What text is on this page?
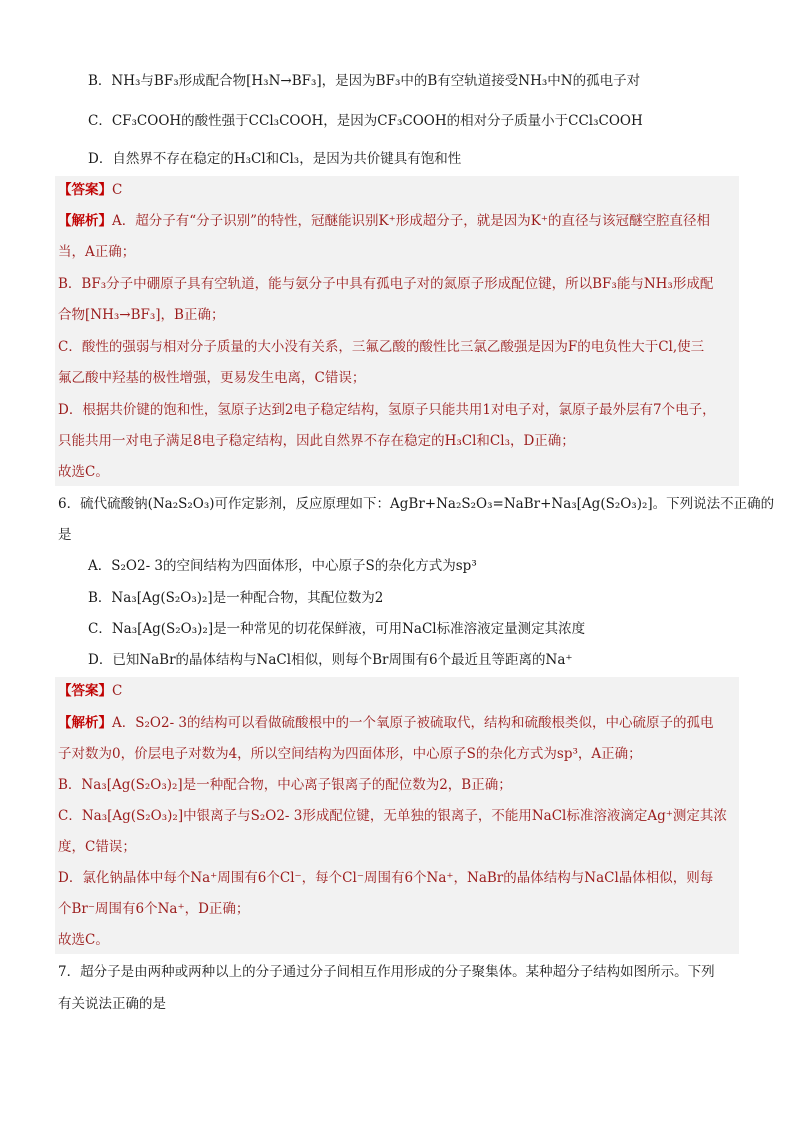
B．NH₃与BF₃形成配合物[H₃N→BF₃]，是因为BF₃中的B有空轨道接受NH₃中N的孤电子对
C．CF₃COOH的酸性强于CCl₃COOH，是因为CF₃COOH的相对分子质量小于CCl₃COOH
D．自然界不存在稳定的H₃Cl和Cl₃，是因为共价键具有饱和性
【答案】C
【解析】A．超分子有“分子识别”的特性，冠醚能识别K⁺形成超分子，就是因为K⁺的直径与该冠醚空腔直径相
当，A正确；
B．BF₃分子中硼原子具有空轨道，能与氨分子中具有孤电子对的氮原子形成配位键，所以BF₃能与NH₃形成配
合物[NH₃→BF₃]，B正确；
C．酸性的强弱与相对分子质量的大小没有关系，三氟乙酸的酸性比三氯乙酸强是因为F的电负性大于Cl,使三
氟乙酸中羟基的极性增强，更易发生电离，C错误；
D．根据共价键的饱和性，氢原子达到2电子稳定结构，氢原子只能共用1对电子对，氯原子最外层有7个电子，
只能共用一对电子满足8电子稳定结构，因此自然界不存在稳定的H₃Cl和Cl₃，D正确；
故选C。
6．硫代硫酸钠(Na₂S₂O₃)可作定影剂，反应原理如下：AgBr+Na₂S₂O₃=NaBr+Na₃[Ag(S₂O₃)₂]。下列说法不正确的
是
A．S₂O2- 3的空间结构为四面体形，中心原子S的杂化方式为sp³
B．Na₃[Ag(S₂O₃)₂]是一种配合物，其配位数为2
C．Na₃[Ag(S₂O₃)₂]是一种常见的切花保鲜液，可用NaCl标准溶液定量测定其浓度
D．已知NaBr的晶体结构与NaCl相似，则每个Br周围有6个最近且等距离的Na⁺
【答案】C
【解析】A．S₂O2- 3的结构可以看做硫酸根中的一个氧原子被硫取代，结构和硫酸根类似，中心硫原子的孤电
子对数为0，价层电子对数为4，所以空间结构为四面体形，中心原子S的杂化方式为sp³，A正确；
B．Na₃[Ag(S₂O₃)₂]是一种配合物，中心离子银离子的配位数为2，B正确；
C．Na₃[Ag(S₂O₃)₂]中银离子与S₂O2- 3形成配位键，无单独的银离子，不能用NaCl标准溶液滴定Ag⁺测定其浓
度，C错误；
D．氯化钠晶体中每个Na⁺周围有6个Cl⁻，每个Cl⁻周围有6个Na⁺，NaBr的晶体结构与NaCl晶体相似，则每
个Br⁻周围有6个Na⁺，D正确；
故选C。
7．超分子是由两种或两种以上的分子通过分子间相互作用形成的分子聚集体。某种超分子结构如图所示。下列
有关说法正确的是
